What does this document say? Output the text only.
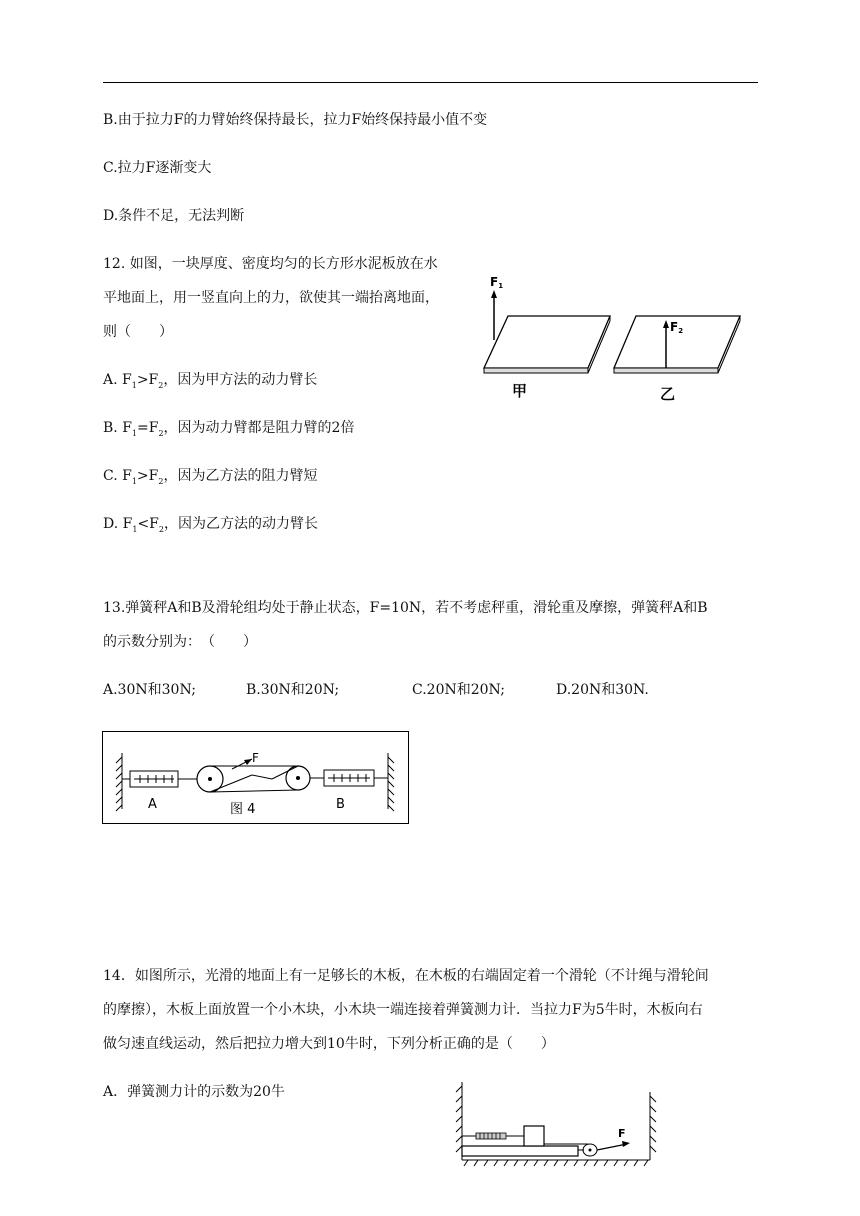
B.由于拉力F的力臂始终保持最长，拉力F始终保持最小值不变
C.拉力F逐渐变大
D.条件不足，无法判断
12. 如图，一块厚度、密度均匀的长方形水泥板放在水
平地面上，用一竖直向上的力，欲使其一端抬离地面，
则（　　）
A. $F_1>F_2$，因为甲方法的动力臂长
B. $F_1=F_2$，因为动力臂都是阻力臂的2倍
C. $F_1>F_2$，因为乙方法的阻力臂短
D. $F_1<F_2$，因为乙方法的动力臂长
F1
F2
甲	乙
13.弹簧秤A和B及滑轮组均处于静止状态，F=10N，若不考虑秤重，滑轮重及摩擦，弹簧秤A和B
的示数分别为：　（　　）
A.30N和30N;	B.30N和20N;	C.20N和20N;	D.20N和30N.
F
A	B
图 4
14．如图所示，光滑的地面上有一足够长的木板，在木板的右端固定着一个滑轮（不计绳与滑轮间
的摩擦），木板上面放置一个小木块，小木块一端连接着弹簧测力计．当拉力F为5牛时，木板向右
做匀速直线运动，然后把拉力增大到10牛时，下列分析正确的是（　　）
A．弹簧测力计的示数为20牛
F
